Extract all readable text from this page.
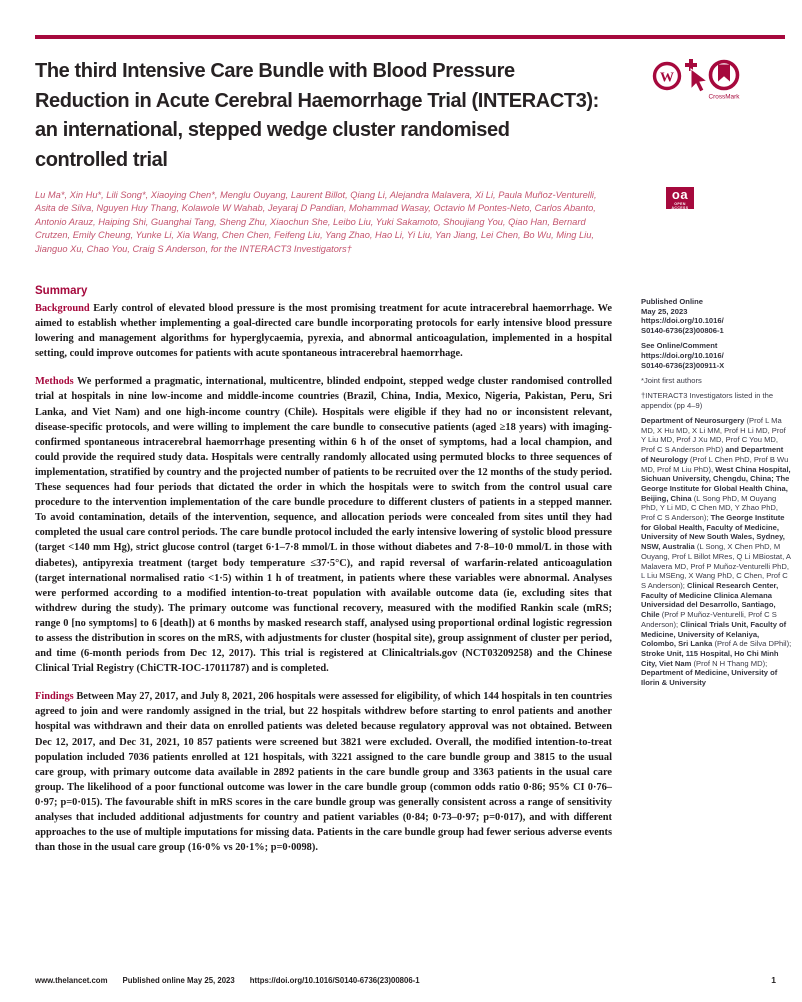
The third Intensive Care Bundle with Blood Pressure
Reduction in Acute Cerebral Haemorrhage Trial (INTERACT3):
an international, stepped wedge cluster randomised
controlled trial
W
CrossMark
Lu Ma*, Xin Hu*, Lili Song*, Xiaoying Chen*, Menglu Ouyang, Laurent Billot, Qiang Li, Alejandra Malavera, Xi Li, Paula Muñoz-Venturelli, Asita de Silva, Nguyen Huy Thang, Kolawole W Wahab, Jeyaraj D Pandian, Mohammad Wasay, Octavio M Pontes-Neto, Carlos Abanto, Antonio Arauz, Haiping Shi, Guanghai Tang, Sheng Zhu, Xiaochun She, Leibo Liu, Yuki Sakamoto, Shoujiang You, Qiao Han, Bernard Crutzen, Emily Cheung, Yunke Li, Xia Wang, Chen Chen, Feifeng Liu, Yang Zhao, Hao Li, Yi Liu, Yan Jiang, Lei Chen, Bo Wu, Ming Liu, Jianguo Xu, Chao You, Craig S Anderson, for the INTERACT3 Investigators†
oa
OPEN ACCESS
Summary

Background Early control of elevated blood pressure is the most promising treatment for acute intracerebral haemorrhage. We aimed to establish whether implementing a goal-directed care bundle incorporating protocols for early intensive blood pressure lowering and management algorithms for hyperglycaemia, pyrexia, and abnormal anticoagulation, implemented in a hospital setting, could improve outcomes for patients with acute spontaneous intracerebral haemorrhage.

Methods We performed a pragmatic, international, multicentre, blinded endpoint, stepped wedge cluster randomised controlled trial at hospitals in nine low-income and middle-income countries (Brazil, China, India, Mexico, Nigeria, Pakistan, Peru, Sri Lanka, and Viet Nam) and one high-income country (Chile). Hospitals were eligible if they had no or inconsistent relevant, disease-specific protocols, and were willing to implement the care bundle to consecutive patients (aged ≥18 years) with imaging-confirmed spontaneous intracerebral haemorrhage presenting within 6 h of the onset of symptoms, had a local champion, and could provide the required study data. Hospitals were centrally randomly allocated using permuted blocks to three sequences of implementation, stratified by country and the projected number of patients to be recruited over the 12 months of the study period. These sequences had four periods that dictated the order in which the hospitals were to switch from the control usual care procedure to the intervention implementation of the care bundle procedure to different clusters of patients in a stepped manner. To avoid contamination, details of the intervention, sequence, and allocation periods were concealed from sites until they had completed the usual care control periods. The care bundle protocol included the early intensive lowering of systolic blood pressure (target <140 mm Hg), strict glucose control (target 6·1–7·8 mmol/L in those without diabetes and 7·8–10·0 mmol/L in those with diabetes), antipyrexia treatment (target body temperature ≤37·5°C), and rapid reversal of warfarin-related anticoagulation (target international normalised ratio <1·5) within 1 h of treatment, in patients where these variables were abnormal. Analyses were performed according to a modified intention-to-treat population with available outcome data (ie, excluding sites that withdrew during the study). The primary outcome was functional recovery, measured with the modified Rankin scale (mRS; range 0 [no symptoms] to 6 [death]) at 6 months by masked research staff, analysed using proportional ordinal logistic regression to assess the distribution in scores on the mRS, with adjustments for cluster (hospital site), group assignment of cluster per period, and time (6-month periods from Dec 12, 2017). This trial is registered at Clinicaltrials.gov (NCT03209258) and the Chinese Clinical Trial Registry (ChiCTR-IOC-17011787) and is completed.

Findings Between May 27, 2017, and July 8, 2021, 206 hospitals were assessed for eligibility, of which 144 hospitals in ten countries agreed to join and were randomly assigned in the trial, but 22 hospitals withdrew before starting to enrol patients and another hospital was withdrawn and their data on enrolled patients was deleted because regulatory approval was not obtained. Between Dec 12, 2017, and Dec 31, 2021, 10 857 patients were screened but 3821 were excluded. Overall, the modified intention-to-treat population included 7036 patients enrolled at 121 hospitals, with 3221 assigned to the care bundle group and 3815 to the usual care group, with primary outcome data available in 2892 patients in the care bundle group and 3363 patients in the usual care group. The likelihood of a poor functional outcome was lower in the care bundle group (common odds ratio 0·86; 95% CI 0·76–0·97; p=0·015). The favourable shift in mRS scores in the care bundle group was generally consistent across a range of sensitivity analyses that included additional adjustments for country and patient variables (0·84; 0·73–0·97; p=0·017), and with different approaches to the use of multiple imputations for missing data. Patients in the care bundle group had fewer serious adverse events than those in the usual care group (16·0% vs 20·1%; p=0·0098).

Published Online
May 25, 2023
https://doi.org/10.1016/
S0140-6736(23)00806-1

See Online/Comment
https://doi.org/10.1016/
S0140-6736(23)00911-X

*Joint first authors

†INTERACT3 Investigators listed in the appendix (pp 4–9)

Department of Neurosurgery (Prof L Ma MD, X Hu MD, X Li MM, Prof H Li MD, Prof Y Liu MD, Prof J Xu MD, Prof C You MD, Prof C S Anderson PhD) and Department of Neurology (Prof L Chen PhD, Prof B Wu MD, Prof M Liu PhD), West China Hospital, Sichuan University, Chengdu, China; The George Institute for Global Health China, Beijing, China (L Song PhD, M Ouyang PhD, Y Li MD, C Chen MD, Y Zhao PhD, Prof C S Anderson); The George Institute for Global Health, Faculty of Medicine, University of New South Wales, Sydney, NSW, Australia (L Song, X Chen PhD, M Ouyang, Prof L Billot MRes, Q Li MBiostat, A Malavera MD, Prof P Muñoz-Venturelli PhD, L Liu MSEng, X Wang PhD, C Chen, Prof C S Anderson); Clinical Research Center, Faculty of Medicine Clinica Alemana Universidad del Desarrollo, Santiago, Chile (Prof P Muñoz-Venturelli, Prof C S Anderson); Clinical Trials Unit, Faculty of Medicine, University of Kelaniya, Colombo, Sri Lanka (Prof A de Silva DPhil); Stroke Unit, 115 Hospital, Ho Chi Minh City, Viet Nam (Prof N H Thang MD); Department of Medicine, University of Ilorin & University

www.thelancet.com Published online May 25, 2023 https://doi.org/10.1016/S0140-6736(23)00806-1	1
